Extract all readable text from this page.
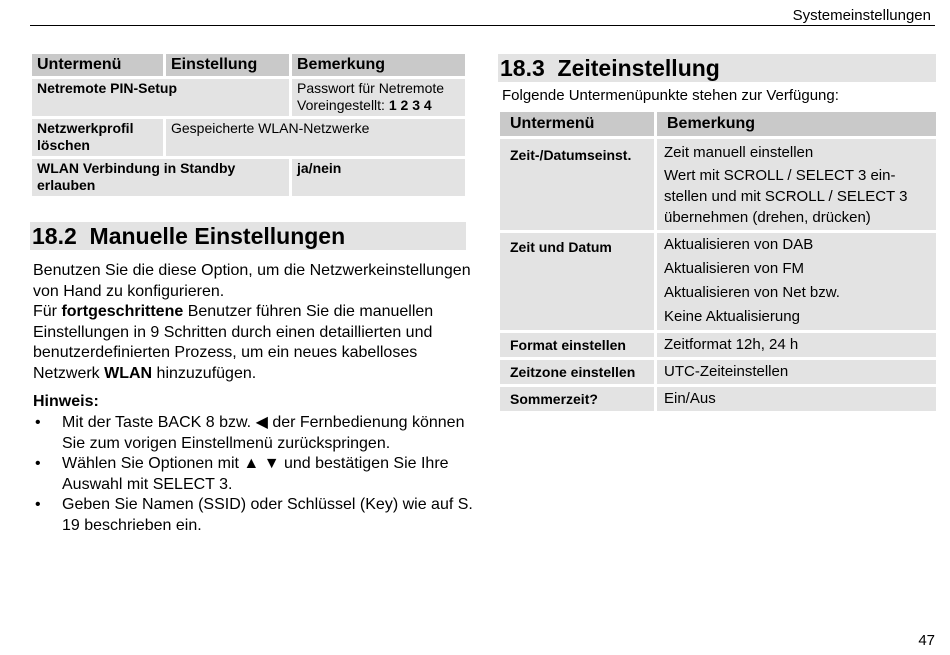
Systemeinstellungen
Untermenü	Einstellung	Bemerkung
Netremote PIN-Setup		Passwort für Netremote
Voreingestellt: 1 2 3 4
Netzwerkprofil löschen	Gespeicherte WLAN-Netzwerke	
WLAN Verbindung in Standby erlauben		ja/nein
18.2 Manuelle Einstellungen

Benutzen Sie die diese Option, um die Netzwerkeinstellungen von Hand zu konfigurieren.

Für fortgeschrittene Benutzer führen Sie die manuellen Einstellungen in 9 Schritten durch einen detaillierten und benutzerdefinierten Prozess, um ein neues kabelloses Netzwerk WLAN hinzuzufügen.

Hinweis:
• Mit der Taste BACK 8 bzw. ◀ der Fernbedienung können Sie zum vorigen Einstellmenü zurückspringen.
• Wählen Sie Optionen mit ▲ ▼ und bestätigen Sie Ihre Auswahl mit SELECT 3.
• Geben Sie Namen (SSID) oder Schlüssel (Key) wie auf S. 19 beschrieben ein.
18.3 Zeiteinstellung
Folgende Untermenüpunkte stehen zur Verfügung:
Untermenü	Bemerkung
Zeit-/Datumseinst.	Zeit manuell einstellen
Wert mit SCROLL / SELECT 3 ein-
stellen und mit SCROLL / SELECT 3
übernehmen (drehen, drücken)

Zeit und Datum	Aktualisieren von DAB
Aktualisieren von FM
Aktualisieren von Net bzw.
Keine Aktualisierung

Format einstellen	Zeitformat 12h, 24 h
Zeitzone einstellen	UTC-Zeiteinstellen
Sommerzeit?	Ein/Aus
47
